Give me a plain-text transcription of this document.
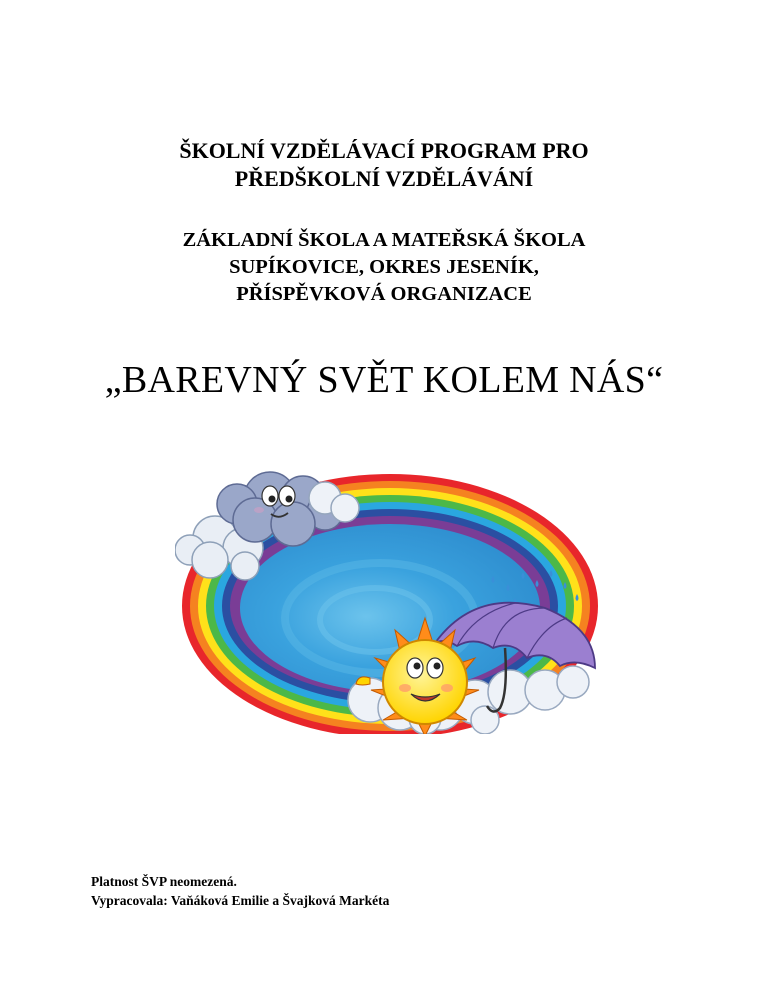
ŠKOLNÍ VZDĚLÁVACÍ PROGRAM PRO
PŘEDŠKOLNÍ VZDĚLÁVÁNÍ
ZÁKLADNÍ ŠKOLA A MATEŘSKÁ ŠKOLA
SUPÍKOVICE, OKRES JESENÍK,
PŘÍSPĚVKOVÁ ORGANIZACE
„BAREVNÝ SVĚT KOLEM NÁS“
Platnost ŠVP neomezená.
Vypracovala: Vaňáková Emilie a Švajková Markéta
